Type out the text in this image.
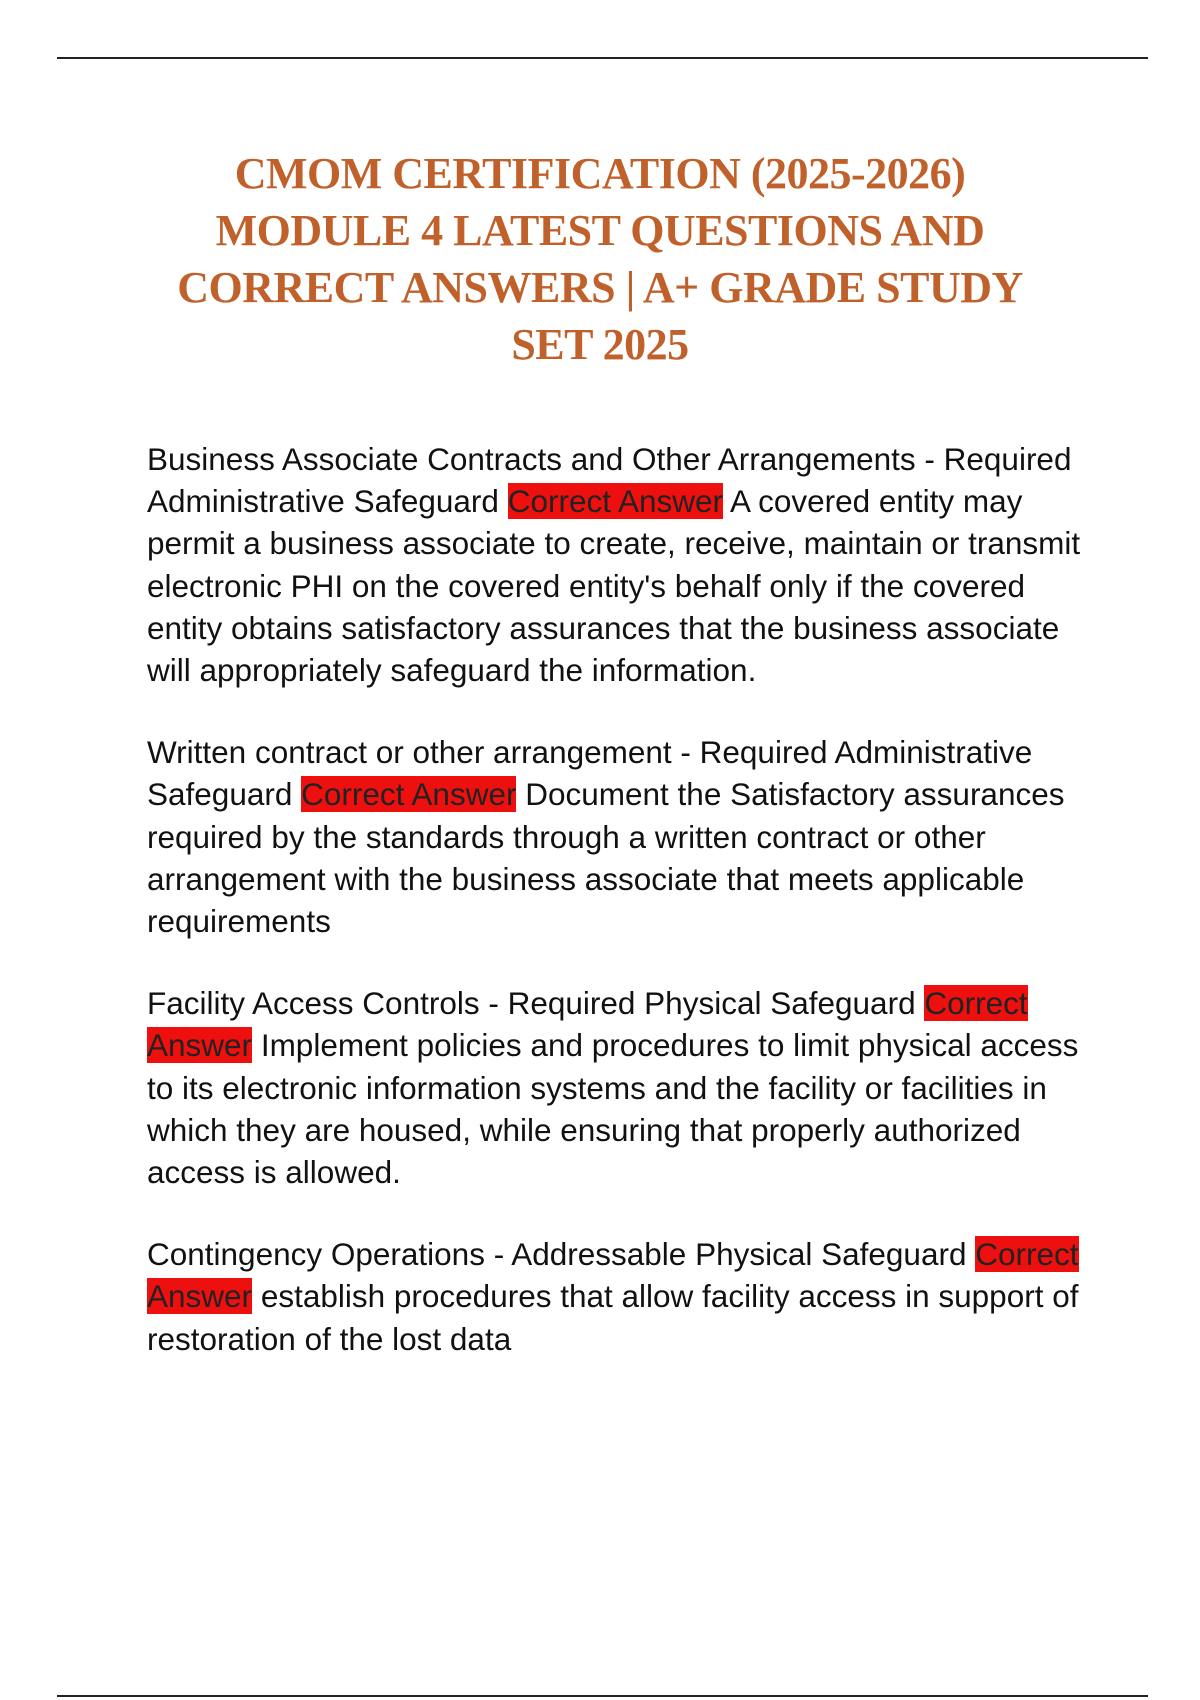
CMOM CERTIFICATION (2025-2026) MODULE 4 LATEST QUESTIONS AND CORRECT ANSWERS | A+ GRADE STUDY SET 2025

Business Associate Contracts and Other Arrangements - Required Administrative Safeguard Correct Answer A covered entity may permit a business associate to create, receive, maintain or transmit electronic PHI on the covered entity's behalf only if the covered entity obtains satisfactory assurances that the business associate will appropriately safeguard the information.

Written contract or other arrangement - Required Administrative Safeguard Correct Answer Document the Satisfactory assurances required by the standards through a written contract or other arrangement with the business associate that meets applicable requirements

Facility Access Controls - Required Physical Safeguard Correct Answer Implement policies and procedures to limit physical access to its electronic information systems and the facility or facilities in which they are housed, while ensuring that properly authorized access is allowed.

Contingency Operations - Addressable Physical Safeguard Correct Answer establish procedures that allow facility access in support of restoration of the lost data
